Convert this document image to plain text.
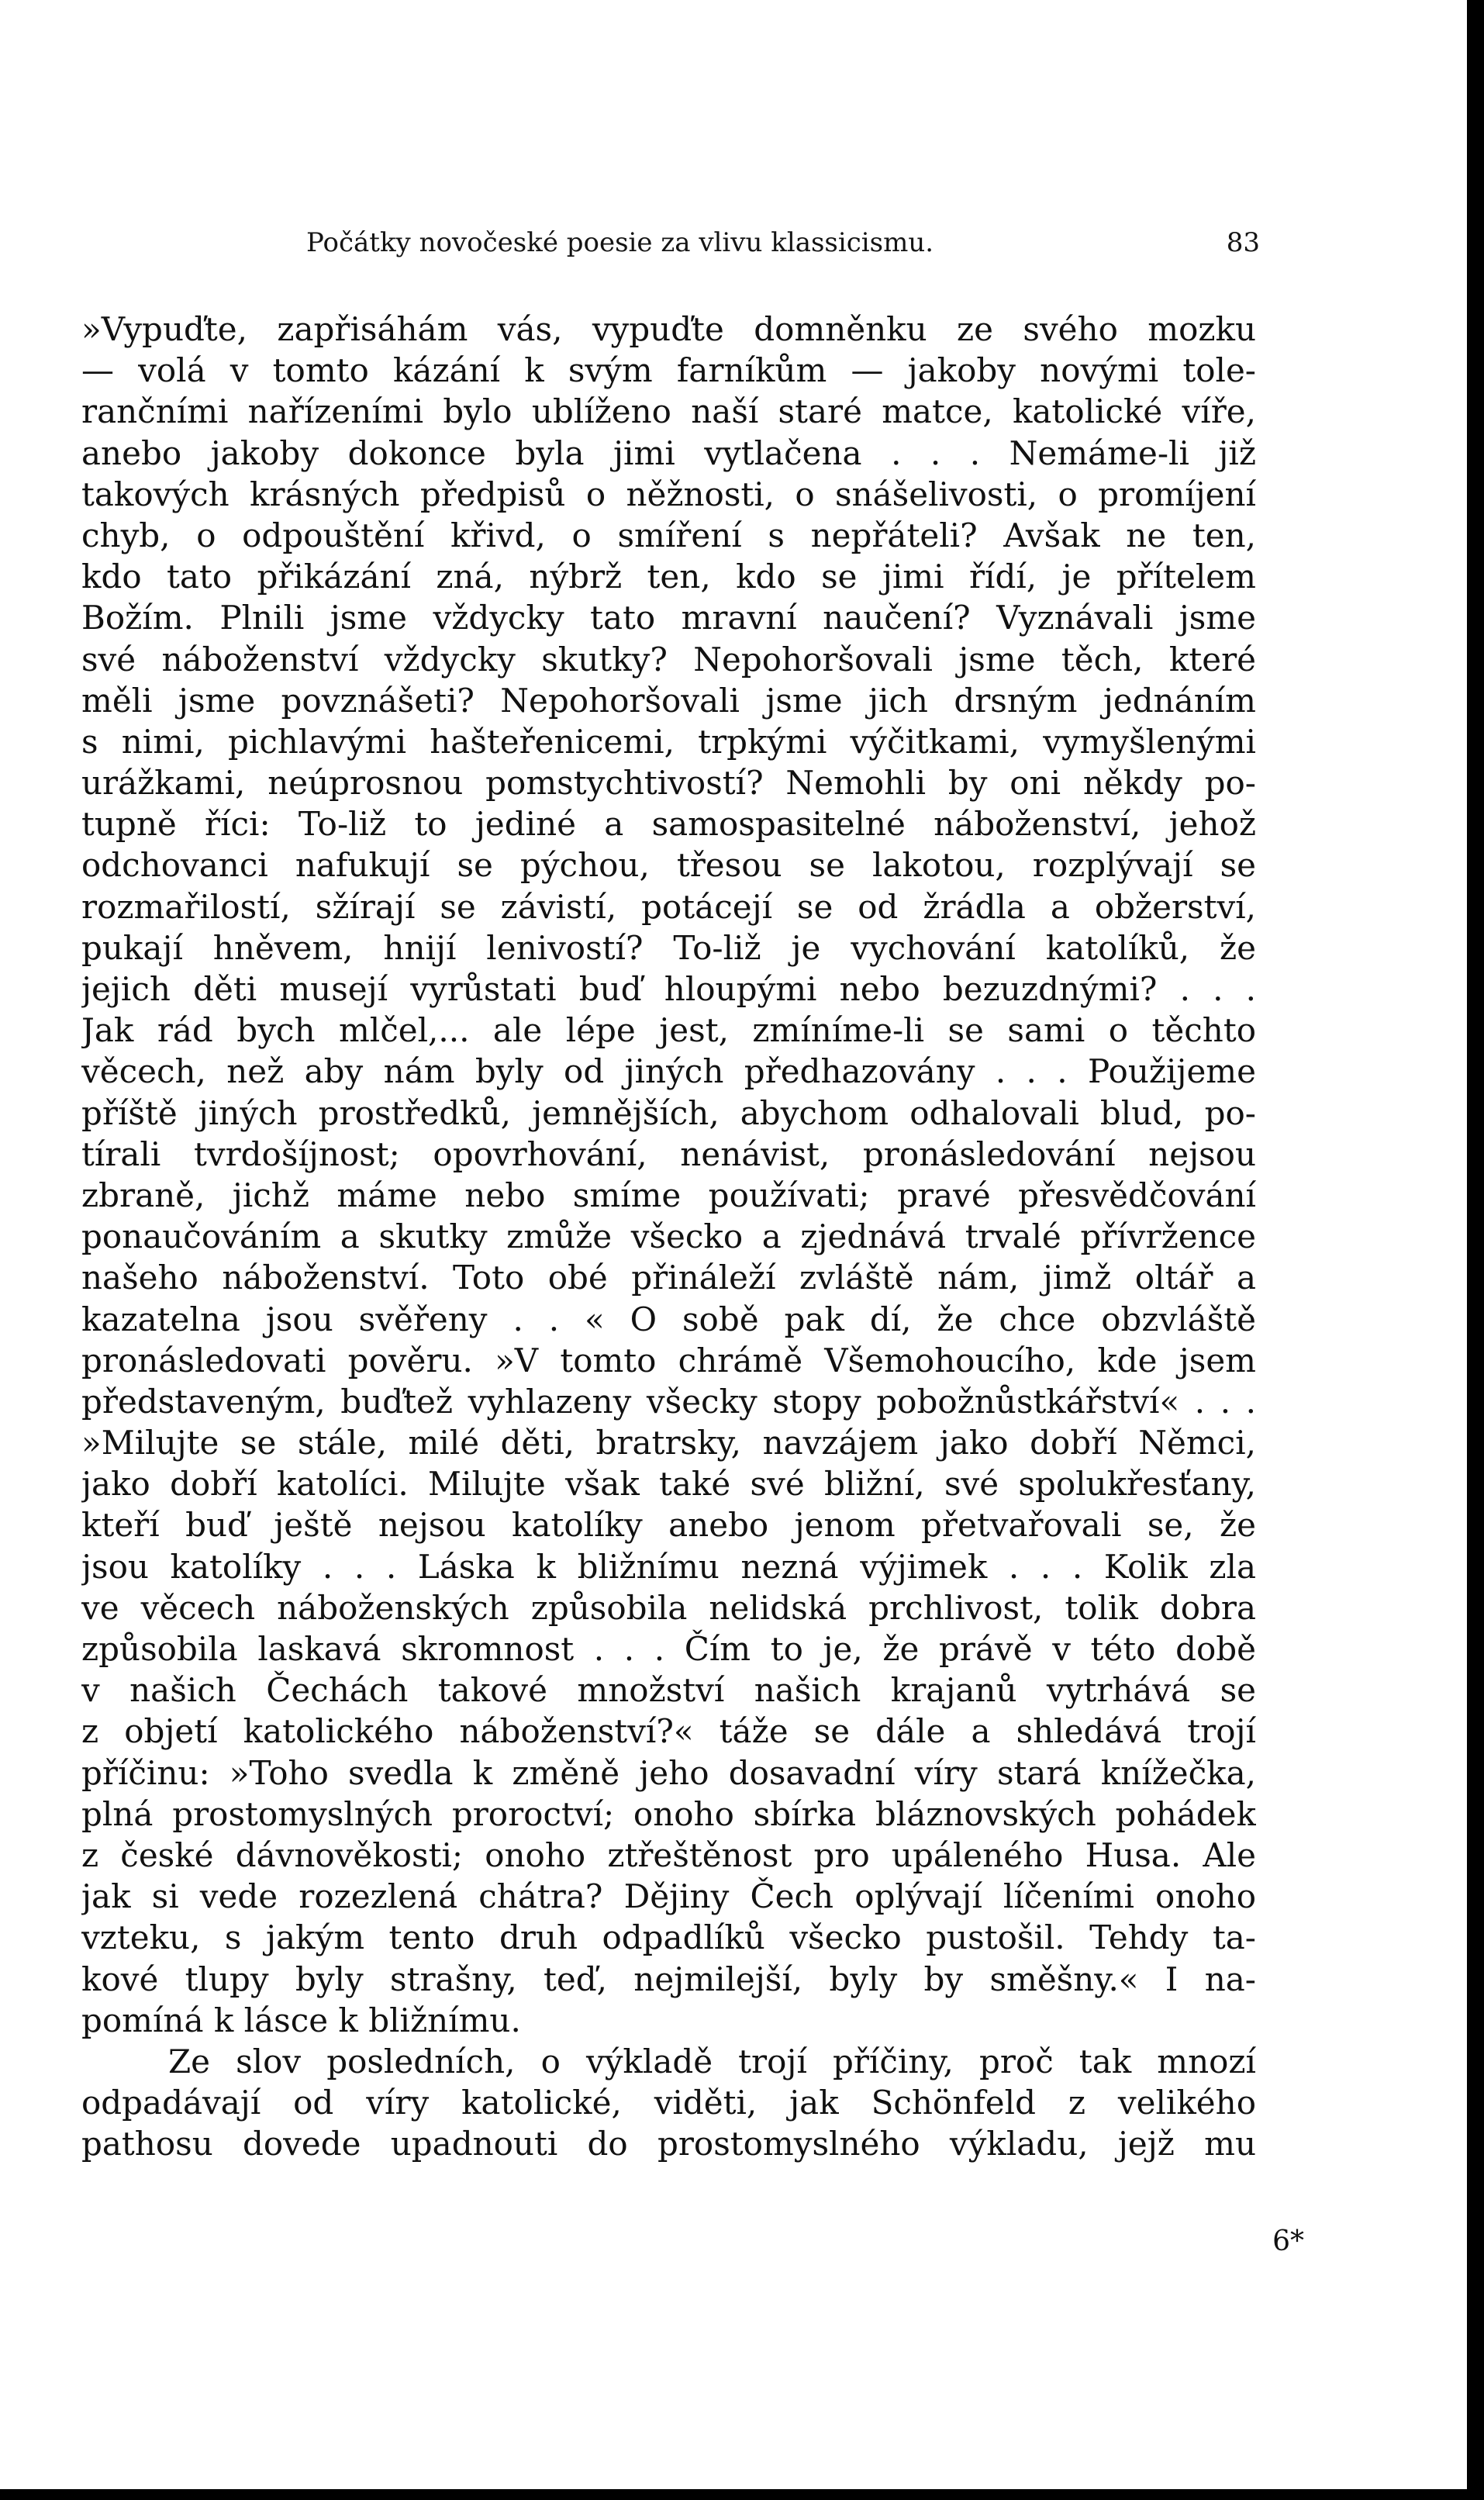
Počátky novočeské poesie za vlivu klassicismu.	83
»Vypuďte, zapřisáhám vás, vypuďte domněnku ze svého mozku
— volá v tomto kázání k svým farníkům — jakoby novými tole-
rančními nařízeními bylo ublíženo naší staré matce, katolické víře,
anebo jakoby dokonce byla jimi vytlačena . . . Nemáme-li již
takových krásných předpisů o něžnosti, o snášelivosti, o promíjení
chyb, o odpouštění křivd, o smíření s nepřáteli? Avšak ne ten,
kdo tato přikázání zná, nýbrž ten, kdo se jimi řídí, je přítelem
Božím. Plnili jsme vždycky tato mravní naučení? Vyznávali jsme
své náboženství vždycky skutky? Nepohoršovali jsme těch, které
měli jsme povznášeti? Nepohoršovali jsme jich drsným jednáním
s nimi, pichlavými hašteřenicemi, trpkými výčitkami, vymyšlenými
urážkami, neúprosnou pomstychtivostí? Nemohli by oni někdy po-
tupně říci: To-liž to jediné a samospasitelné náboženství, jehož
odchovanci nafukují se pýchou, třesou se lakotou, rozplývají se
rozmařilostí, sžírají se závistí, potácejí se od žrádla a obžerství,
pukají hněvem, hnijí lenivostí? To-liž je vychování katolíků, že
jejich děti musejí vyrůstati buď hloupými nebo bezuzdnými? . . .
Jak rád bych mlčel,... ale lépe jest, zmíníme-li se sami o těchto
věcech, než aby nám byly od jiných předhazovány . . . Použijeme
příště jiných prostředků, jemnějších, abychom odhalovali blud, po-
tírali tvrdošíjnost; opovrhování, nenávist, pronásledování nejsou
zbraně, jichž máme nebo smíme používati; pravé přesvědčování
ponaučováním a skutky zmůže všecko a zjednává trvalé přívržence
našeho náboženství. Toto obé přináleží zvláště nám, jimž oltář a
kazatelna jsou svěřeny . . « O sobě pak dí, že chce obzvláště
pronásledovati pověru. »V tomto chrámě Všemohoucího, kde jsem
představeným, buďtež vyhlazeny všecky stopy pobožnůstkářství« . . .
»Milujte se stále, milé děti, bratrsky, navzájem jako dobří Němci,
jako dobří katolíci. Milujte však také své bližní, své spolukřesťany,
kteří buď ještě nejsou katolíky anebo jenom přetvařovali se, že
jsou katolíky . . . Láska k bližnímu nezná výjimek . . . Kolik zla
ve věcech náboženských způsobila nelidská prchlivost, tolik dobra
způsobila laskavá skromnost . . . Čím to je, že právě v této době
v našich Čechách takové množství našich krajanů vytrhává se
z objetí katolického náboženství?« táže se dále a shledává trojí
příčinu: »Toho svedla k změně jeho dosavadní víry stará knížečka,
plná prostomyslných proroctví; onoho sbírka bláznovských pohádek
z české dávnověkosti; onoho ztřeštěnost pro upáleného Husa. Ale
jak si vede rozezlená chátra? Dějiny Čech oplývají líčeními onoho
vzteku, s jakým tento druh odpadlíků všecko pustošil. Tehdy ta-
kové tlupy byly strašny, teď, nejmilejší, byly by směšny.« I na-
pomíná k lásce k bližnímu.
Ze slov posledních, o výkladě trojí příčiny, proč tak mnozí
odpadávají od víry katolické, viděti, jak Schönfeld z velikého
pathosu dovede upadnouti do prostomyslného výkladu, jejž mu
6*
